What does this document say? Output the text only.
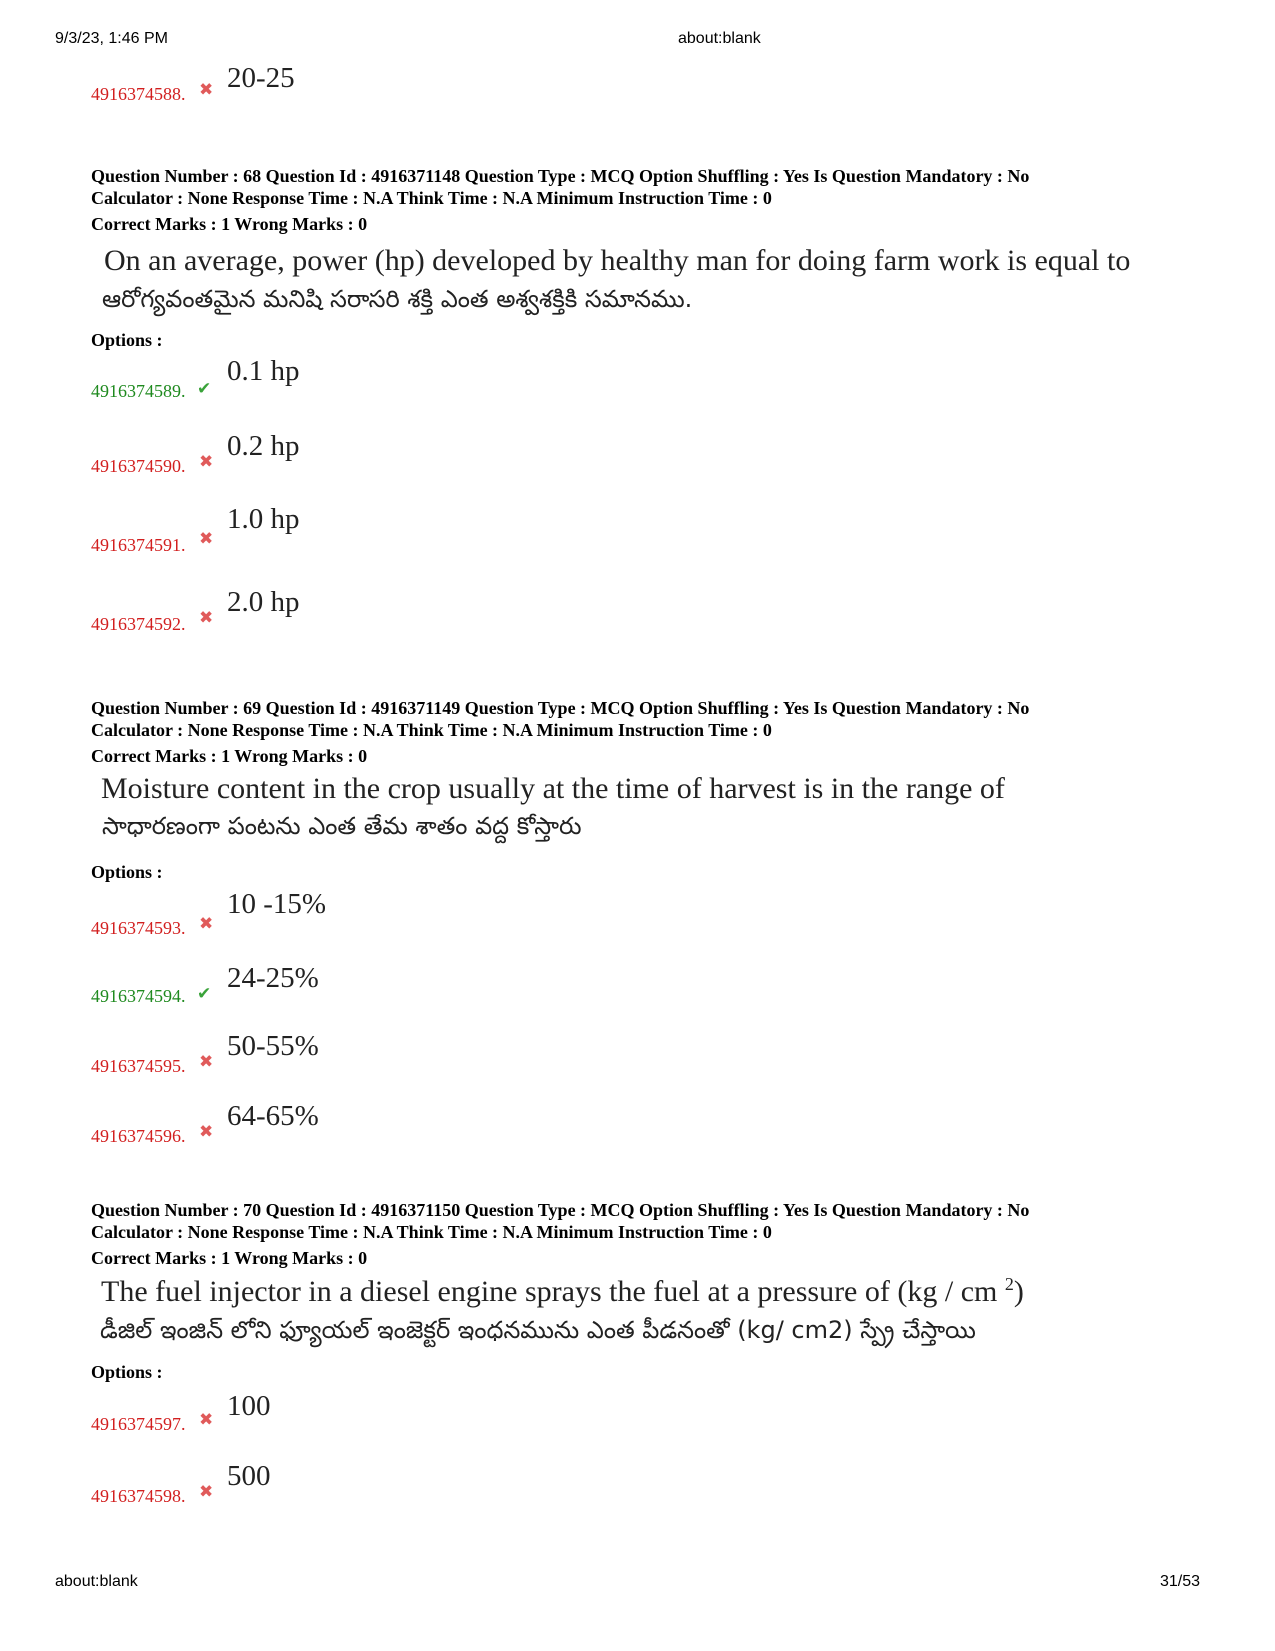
9/3/23, 1:46 PM	about:blank
4916374588. ✖ 20-25
Question Number : 68 Question Id : 4916371148 Question Type : MCQ Option Shuffling : Yes Is Question Mandatory : No
Calculator : None Response Time : N.A Think Time : N.A Minimum Instruction Time : 0
Correct Marks : 1 Wrong Marks : 0
On an average, power (hp) developed by healthy man for doing farm work is equal to
ఆరోగ్యవంతమైన మనిషి సరాసరి శక్తి ఎంత అశ్వశక్తికి సమానము.
Options :
4916374589. ✔
0.1 hp
4916374590. ✖ 0.2 hp
4916374591. ✖
1.0 hp
4916374592. ✖ 2.0 hp
Question Number : 69 Question Id : 4916371149 Question Type : MCQ Option Shuffling : Yes Is Question Mandatory : No
Calculator : None Response Time : N.A Think Time : N.A Minimum Instruction Time : 0
Correct Marks : 1 Wrong Marks : 0
Moisture content in the crop usually at the time of harvest is in the range of
సాధారణంగా పంటను ఎంత తేమ శాతం వద్ద కోస్తారు
Options :
4916374593. ✖
10 -15%
4916374594. ✔ 24-25%
4916374595. ✖ 50-55%
4916374596. ✖ 64-65%
Question Number : 70 Question Id : 4916371150 Question Type : MCQ Option Shuffling : Yes Is Question Mandatory : No
Calculator : None Response Time : N.A Think Time : N.A Minimum Instruction Time : 0
Correct Marks : 1 Wrong Marks : 0
The fuel injector in a diesel engine sprays the fuel at a pressure of (kg / cm $^2$)
డీజిల్ ఇంజిన్ లోని ఫ్యూయల్ ఇంజెక్టర్ ఇంధనమును ఎంత పీడనంతో (kg/ cm2) స్ప్రే చేస్తాయి
Options :
4916374597. ✖ 100
4916374598. ✖ 500
about:blank	31/53
